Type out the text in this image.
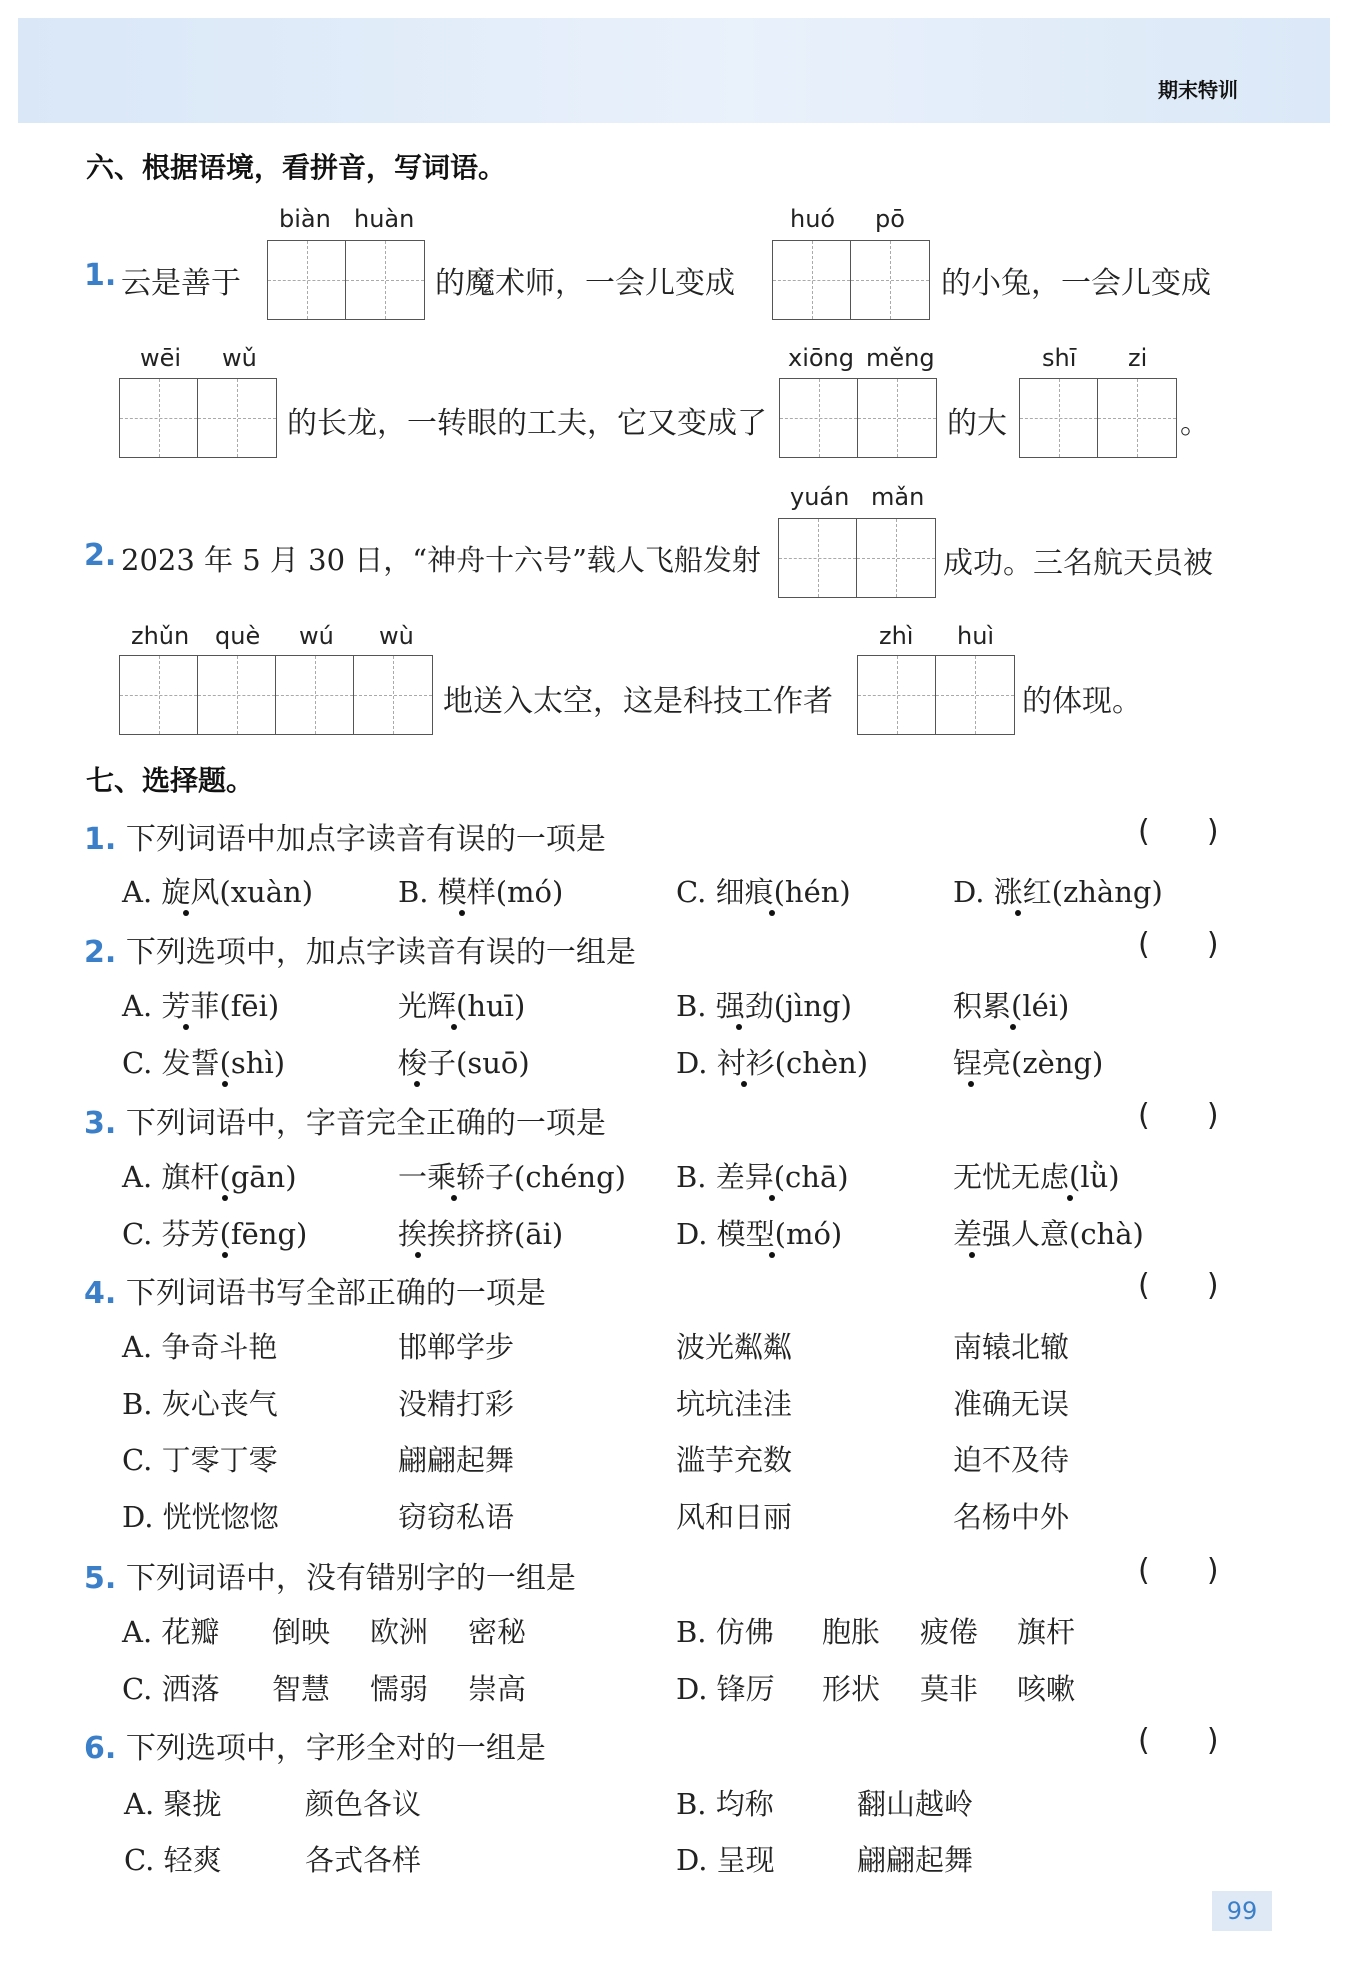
期末特训
六、根据语境，看拼音，写词语。
1. 云是善于
biàn huàn
的魔术师，一会儿变成
huó pō
的小兔，一会儿变成
wēi wǔ
的长龙，一转眼的工夫，它又变成了
xiōng měng
的大
shī zi
。
2. 2023 年 5 月 30 日，“神舟十六号”载人飞船发射
yuán mǎn
成功。三名航天员被
zhǔn què wú wù
地送入太空，这是科技工作者
zhì huì
的体现。
七、选择题。
1. 下列词语中加点字读音有误的一项是	(      )
A. 旋风(xuàn)	B. 模样(mó)	C. 细痕(hén)	D. 涨红(zhàng)
2. 下列选项中，加点字读音有误的一组是	(      )
A. 芳菲(fēi)	光辉(huī)	B. 强劲(jìng)	积累(léi)
C. 发誓(shì)	梭子(suō)	D. 衬衫(chèn)	锃亮(zèng)
3. 下列词语中，字音完全正确的一项是	(      )
A. 旗杆(gān)	一乘轿子(chéng) B. 差异(chā)	无忧无虑(lǜ)
C. 芬芳(fēng)	挨挨挤挤(āi)	D. 模型(mó)	差强人意(chà)
4. 下列词语书写全部正确的一项是	(      )
A. 争奇斗艳	邯郸学步	波光粼粼	南辕北辙
B. 灰心丧气	没精打彩	坑坑洼洼	准确无误
C. 丁零丁零	翩翩起舞	滥芋充数	迫不及待
D. 恍恍惚惚	窃窃私语	风和日丽	名杨中外
5. 下列词语中，没有错别字的一组是	(      )
A. 花瓣 倒映 欧洲 密秘	B. 仿佛 胞胀 疲倦 旗杆
C. 洒落 智慧 懦弱 崇高	D. 锋厉 形状 莫非 咳嗽
6. 下列选项中，字形全对的一组是	(      )
A. 聚拢	颜色各议	B. 均称	翻山越岭
C. 轻爽	各式各样	D. 呈现	翩翩起舞
99
